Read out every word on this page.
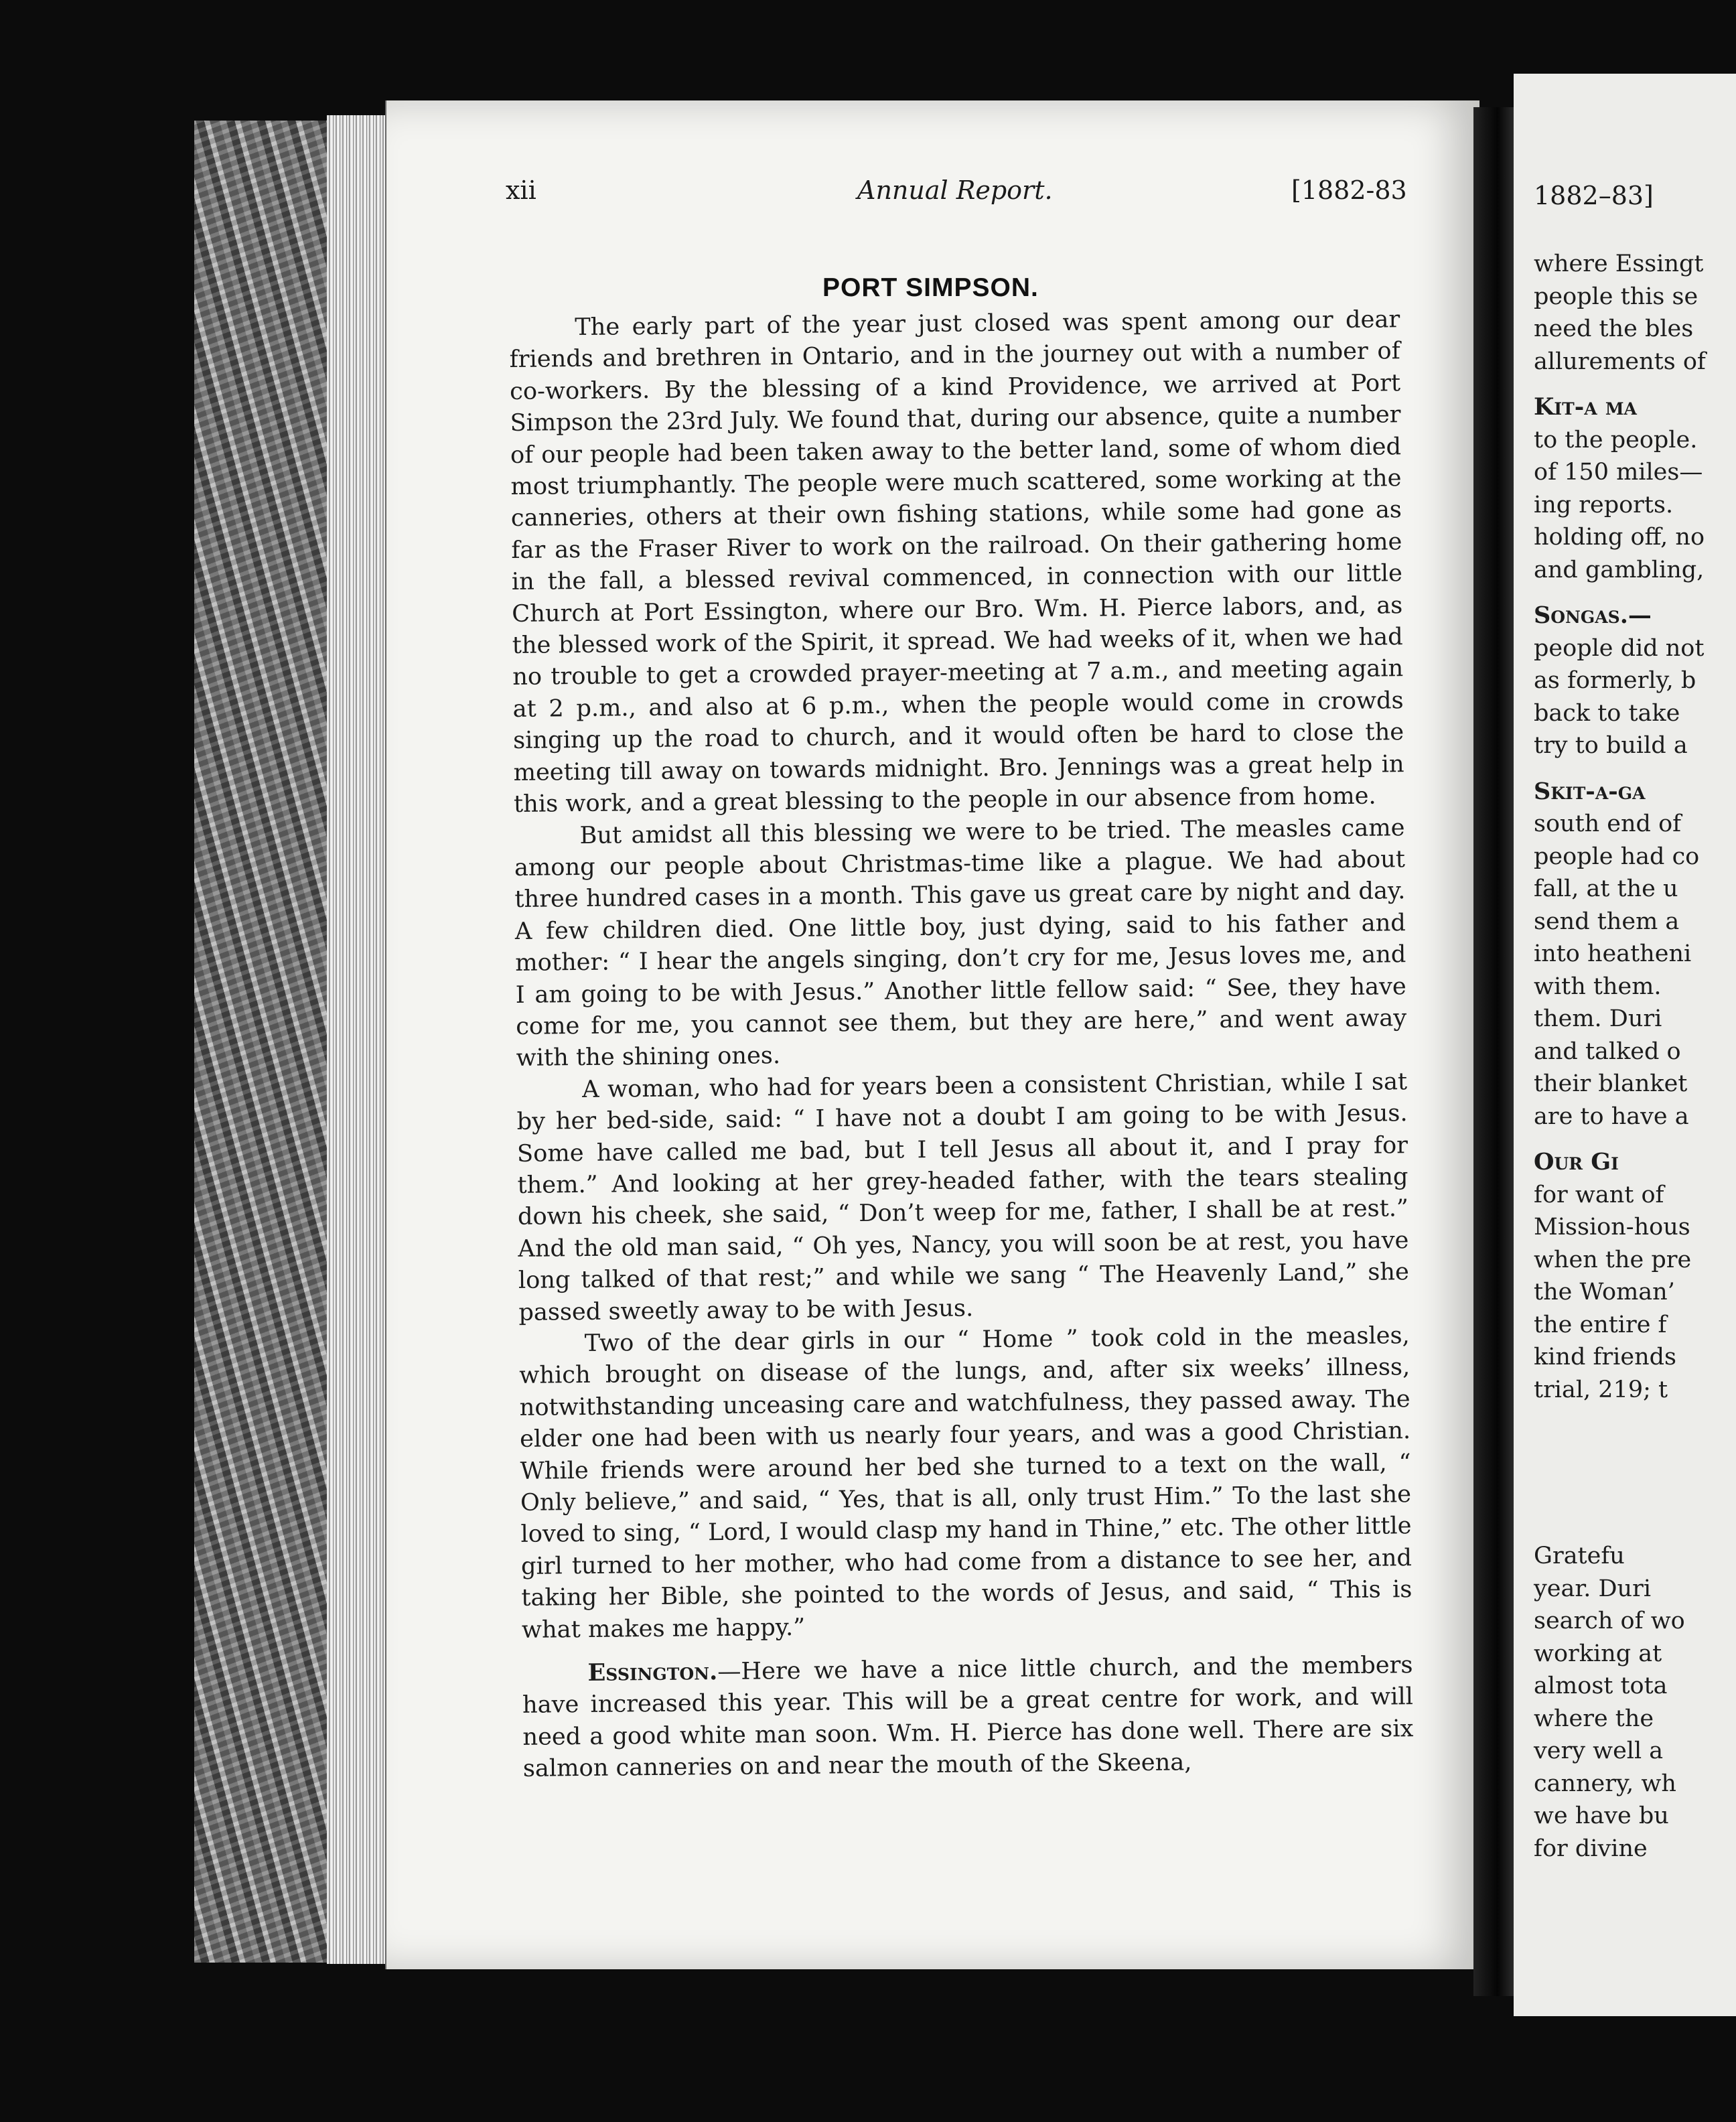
xii	Annual Report.	[1882-83
PORT SIMPSON.

The early part of the year just closed was spent among our dear friends and brethren in Ontario, and in the journey out with a number of co-workers. By the blessing of a kind Providence, we arrived at Port Simpson the 23rd July. We found that, during our absence, quite a number of our people had been taken away to the better land, some of whom died most triumphantly. The people were much scattered, some working at the canneries, others at their own fishing stations, while some had gone as far as the Fraser River to work on the railroad. On their gathering home in the fall, a blessed revival commenced, in connection with our little Church at Port Essington, where our Bro. Wm. H. Pierce labors, and, as the blessed work of the Spirit, it spread. We had weeks of it, when we had no trouble to get a crowded prayer-meeting at 7 a.m., and meeting again at 2 p.m., and also at 6 p.m., when the people would come in crowds singing up the road to church, and it would often be hard to close the meeting till away on towards midnight. Bro. Jennings was a great help in this work, and a great blessing to the people in our absence from home.

But amidst all this blessing we were to be tried. The measles came among our people about Christmas-time like a plague. We had about three hundred cases in a month. This gave us great care by night and day. A few children died. One little boy, just dying, said to his father and mother: “ I hear the angels singing, don’t cry for me, Jesus loves me, and I am going to be with Jesus.” Another little fellow said: “ See, they have come for me, you cannot see them, but they are here,” and went away with the shining ones.

A woman, who had for years been a consistent Christian, while I sat by her bed-side, said: “ I have not a doubt I am going to be with Jesus. Some have called me bad, but I tell Jesus all about it, and I pray for them.” And looking at her grey-headed father, with the tears stealing down his cheek, she said, “ Don’t weep for me, father, I shall be at rest.” And the old man said, “ Oh yes, Nancy, you will soon be at rest, you have long talked of that rest;” and while we sang “ The Heavenly Land,” she passed sweetly away to be with Jesus.

Two of the dear girls in our “ Home ” took cold in the measles, which brought on disease of the lungs, and, after six weeks’ illness, notwithstanding unceasing care and watchfulness, they passed away. The elder one had been with us nearly four years, and was a good Christian. While friends were around her bed she turned to a text on the wall, “ Only believe,” and said, “ Yes, that is all, only trust Him.” To the last she loved to sing, “ Lord, I would clasp my hand in Thine,” etc. The other little girl turned to her mother, who had come from a distance to see her, and taking her Bible, she pointed to the words of Jesus, and said, “ This is what makes me happy.”

Essington.—Here we have a nice little church, and the members have increased this year. This will be a great centre for work, and will need a good white man soon. Wm. H. Pierce has done well. There are six salmon canneries on and near the mouth of the Skeena,

1882–83]
where Essingt
people this se
need the bles
allurements of
Kit-a ma
to the people.
of 150 miles—
ing reports.
holding off, no
and gambling,
Songas.—
people did not
as formerly, b
back to take
try to build a
Skit-a-ga
south end of
people had co
fall, at the u
send them a
into heatheni
with them.
them. Duri
and talked o
their blanket
are to have a
Our Gi
for want of
Mission-hous
when the pre
the Woman’
the entire f
kind friends
trial, 219; t
Gratefu
year. Duri
search of wo
working at
almost tota
where the
very well a
cannery, wh
we have bu
for divine
